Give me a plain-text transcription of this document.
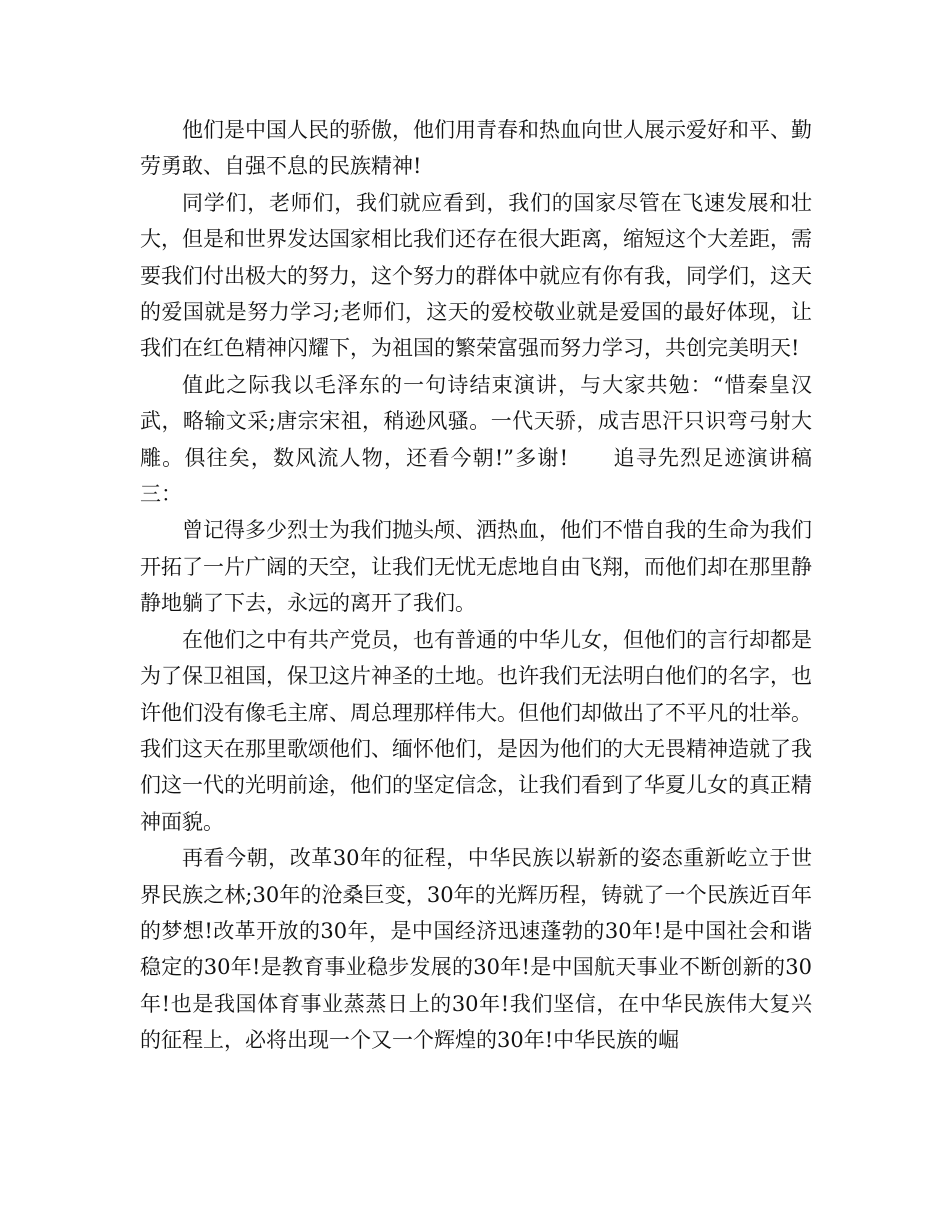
他们是中国人民的骄傲，他们用青春和热血向世人展示爱好和平、勤劳勇敢、自强不息的民族精神!

同学们，老师们，我们就应看到，我们的国家尽管在飞速发展和壮大，但是和世界发达国家相比我们还存在很大距离，缩短这个大差距，需要我们付出极大的努力，这个努力的群体中就应有你有我，同学们，这天的爱国就是努力学习;老师们，这天的爱校敬业就是爱国的最好体现，让我们在红色精神闪耀下，为祖国的繁荣富强而努力学习，共创完美明天!

值此之际我以毛泽东的一句诗结束演讲，与大家共勉：“惜秦皇汉武，略输文采;唐宗宋祖，稍逊风骚。一代天骄，成吉思汗只识弯弓射大雕。俱往矣，数风流人物，还看今朝!”多谢!　　追寻先烈足迹演讲稿三：

曾记得多少烈士为我们抛头颅、洒热血，他们不惜自我的生命为我们开拓了一片广阔的天空，让我们无忧无虑地自由飞翔，而他们却在那里静静地躺了下去，永远的离开了我们。

在他们之中有共产党员，也有普通的中华儿女，但他们的言行却都是为了保卫祖国，保卫这片神圣的土地。也许我们无法明白他们的名字，也许他们没有像毛主席、周总理那样伟大。但他们却做出了不平凡的壮举。我们这天在那里歌颂他们、缅怀他们，是因为他们的大无畏精神造就了我们这一代的光明前途，他们的坚定信念，让我们看到了华夏儿女的真正精神面貌。

再看今朝，改革30年的征程，中华民族以崭新的姿态重新屹立于世界民族之林;30年的沧桑巨变，30年的光辉历程，铸就了一个民族近百年的梦想!改革开放的30年，是中国经济迅速蓬勃的30年!是中国社会和谐稳定的30年!是教育事业稳步发展的30年!是中国航天事业不断创新的30年!也是我国体育事业蒸蒸日上的30年!我们坚信，在中华民族伟大复兴的征程上，必将出现一个又一个辉煌的30年!中华民族的崛
